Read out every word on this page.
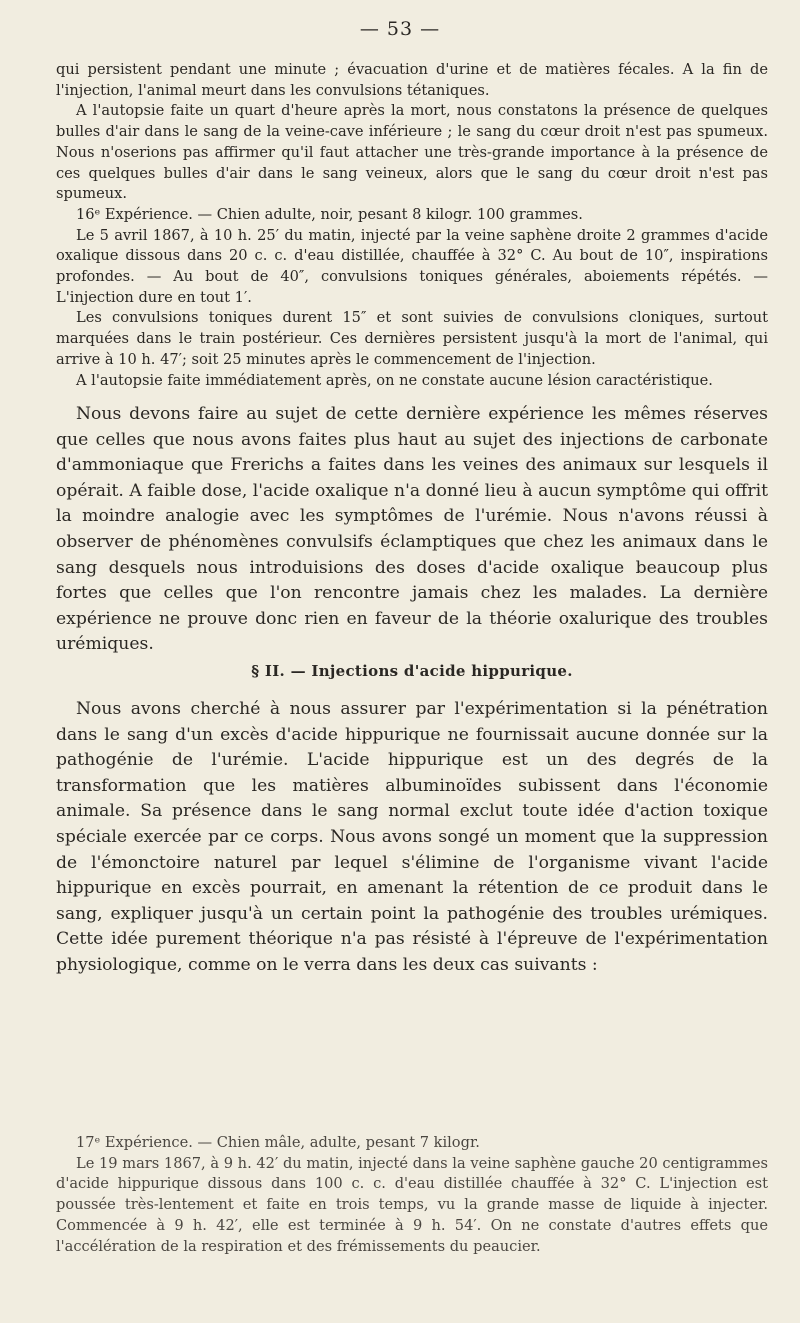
— 53 —

qui persistent pendant une minute ; évacuation d'urine et de matières fécales. A la fin de l'injection, l'animal meurt dans les convulsions tétaniques.

A l'autopsie faite un quart d'heure après la mort, nous constatons la présence de quelques bulles d'air dans le sang de la veine-cave inférieure ; le sang du cœur droit n'est pas spumeux. Nous n'oserions pas affirmer qu'il faut attacher une très-grande importance à la présence de ces quelques bulles d'air dans le sang veineux, alors que le sang du cœur droit n'est pas spumeux.

16ᵉ Expérience. — Chien adulte, noir, pesant 8 kilogr. 100 grammes.

Le 5 avril 1867, à 10 h. 25′ du matin, injecté par la veine saphène droite 2 grammes d'acide oxalique dissous dans 20 c. c. d'eau distillée, chauffée à 32° C. Au bout de 10″, inspirations profondes. — Au bout de 40″, convulsions toniques générales, aboiements répétés. — L'injection dure en tout 1′.

Les convulsions toniques durent 15″ et sont suivies de convulsions cloniques, surtout marquées dans le train postérieur. Ces dernières persistent jusqu'à la mort de l'animal, qui arrive à 10 h. 47′; soit 25 minutes après le commencement de l'injection.

A l'autopsie faite immédiatement après, on ne constate aucune lésion caractéristique.

Nous devons faire au sujet de cette dernière expérience les mêmes réserves que celles que nous avons faites plus haut au sujet des injections de carbonate d'ammoniaque que Frerichs a faites dans les veines des animaux sur lesquels il opérait. A faible dose, l'acide oxalique n'a donné lieu à aucun symptôme qui offrit la moindre analogie avec les symptômes de l'urémie. Nous n'avons réussi à observer de phénomènes convulsifs éclamptiques que chez les animaux dans le sang desquels nous introduisions des doses d'acide oxalique beaucoup plus fortes que celles que l'on rencontre jamais chez les malades. La dernière expérience ne prouve donc rien en faveur de la théorie oxalurique des troubles urémiques.

§ II. — Injections d'acide hippurique.

Nous avons cherché à nous assurer par l'expérimentation si la pénétration dans le sang d'un excès d'acide hippurique ne fournissait aucune donnée sur la pathogénie de l'urémie. L'acide hippurique est un des degrés de la transformation que les matières albuminoïdes subissent dans l'économie animale. Sa présence dans le sang normal exclut toute idée d'action toxique spéciale exercée par ce corps. Nous avons songé un moment que la suppression de l'émonctoire naturel par lequel s'élimine de l'organisme vivant l'acide hippurique en excès pourrait, en amenant la rétention de ce produit dans le sang, expliquer jusqu'à un certain point la pathogénie des troubles urémiques. Cette idée purement théorique n'a pas résisté à l'épreuve de l'expérimentation physiologique, comme on le verra dans les deux cas suivants :

17ᵉ Expérience. — Chien mâle, adulte, pesant 7 kilogr.

Le 19 mars 1867, à 9 h. 42′ du matin, injecté dans la veine saphène gauche 20 centigrammes d'acide hippurique dissous dans 100 c. c. d'eau distillée chauffée à 32° C. L'injection est poussée très-lentement et faite en trois temps, vu la grande masse de liquide à injecter. Commencée à 9 h. 42′, elle est terminée à 9 h. 54′. On ne constate d'autres effets que l'accélération de la respiration et des frémissements du peaucier.
